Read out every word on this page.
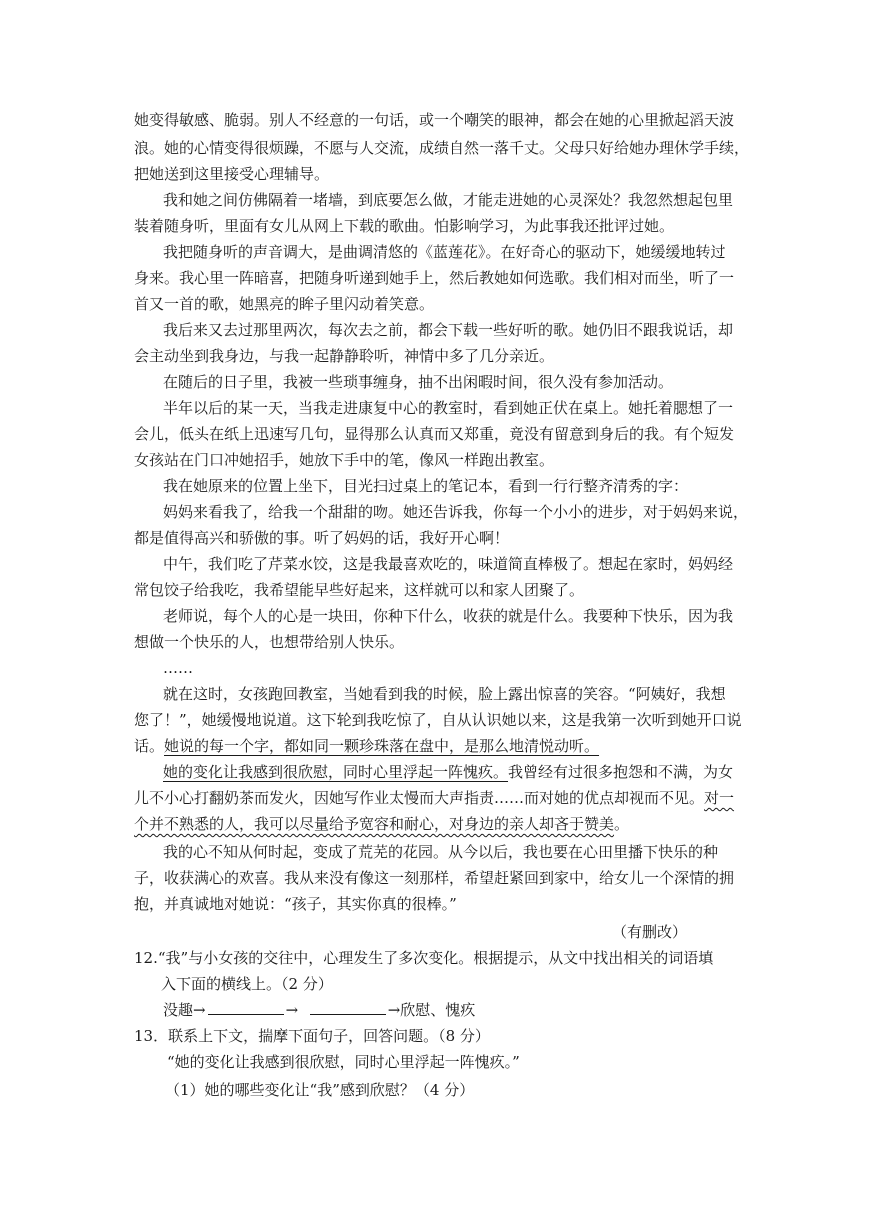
她变得敏感、脆弱。别人不经意的一句话，或一个嘲笑的眼神，都会在她的心里掀起滔天波
浪。她的心情变得很烦躁，不愿与人交流，成绩自然一落千丈。父母只好给她办理休学手续，
把她送到这里接受心理辅导。
我和她之间仿佛隔着一堵墙，到底要怎么做，才能走进她的心灵深处？我忽然想起包里
装着随身听，里面有女儿从网上下载的歌曲。怕影响学习，为此事我还批评过她。
我把随身听的声音调大，是曲调清悠的《蓝莲花》。在好奇心的驱动下，她缓缓地转过
身来。我心里一阵暗喜，把随身听递到她手上，然后教她如何选歌。我们相对而坐，听了一
首又一首的歌，她黑亮的眸子里闪动着笑意。
我后来又去过那里两次，每次去之前，都会下载一些好听的歌。她仍旧不跟我说话，却
会主动坐到我身边，与我一起静静聆听，神情中多了几分亲近。
在随后的日子里，我被一些琐事缠身，抽不出闲暇时间，很久没有参加活动。
半年以后的某一天，当我走进康复中心的教室时，看到她正伏在桌上。她托着腮想了一
会儿，低头在纸上迅速写几句，显得那么认真而又郑重，竟没有留意到身后的我。有个短发
女孩站在门口冲她招手，她放下手中的笔，像风一样跑出教室。
我在她原来的位置上坐下，目光扫过桌上的笔记本，看到一行行整齐清秀的字：
妈妈来看我了，给我一个甜甜的吻。她还告诉我，你每一个小小的进步，对于妈妈来说，
都是值得高兴和骄傲的事。听了妈妈的话，我好开心啊！
中午，我们吃了芹菜水饺，这是我最喜欢吃的，味道简直棒极了。想起在家时，妈妈经
常包饺子给我吃，我希望能早些好起来，这样就可以和家人团聚了。
老师说，每个人的心是一块田，你种下什么，收获的就是什么。我要种下快乐，因为我
想做一个快乐的人，也想带给别人快乐。
……
就在这时，女孩跑回教室，当她看到我的时候，脸上露出惊喜的笑容。“阿姨好，我想
您了！”，她缓慢地说道。这下轮到我吃惊了，自从认识她以来，这是我第一次听到她开口说
话。她说的每一个字，都如同一颗珍珠落在盘中，是那么地清悦动听。
她的变化让我感到很欣慰，同时心里浮起一阵愧疚。我曾经有过很多抱怨和不满，为女
儿不小心打翻奶茶而发火，因她写作业太慢而大声指责……而对她的优点却视而不见。对一
个并不熟悉的人，我可以尽量给予宽容和耐心，对身边的亲人却吝于赞美。
我的心不知从何时起，变成了荒芜的花园。从今以后，我也要在心田里播下快乐的种
子，收获满心的欢喜。我从来没有像这一刻那样，希望赶紧回到家中，给女儿一个深情的拥
抱，并真诚地对她说：“孩子，其实你真的很棒。”
（有删改）
12.“我”与小女孩的交往中，心理发生了多次变化。根据提示，从文中找出相关的词语填
入下面的横线上。（2 分）
没趣→	→	→欣慰、愧疚
13．联系上下文，揣摩下面句子，回答问题。（8 分）
“她的变化让我感到很欣慰，同时心里浮起一阵愧疚。”
（1）她的哪些变化让“我”感到欣慰？（4 分）
